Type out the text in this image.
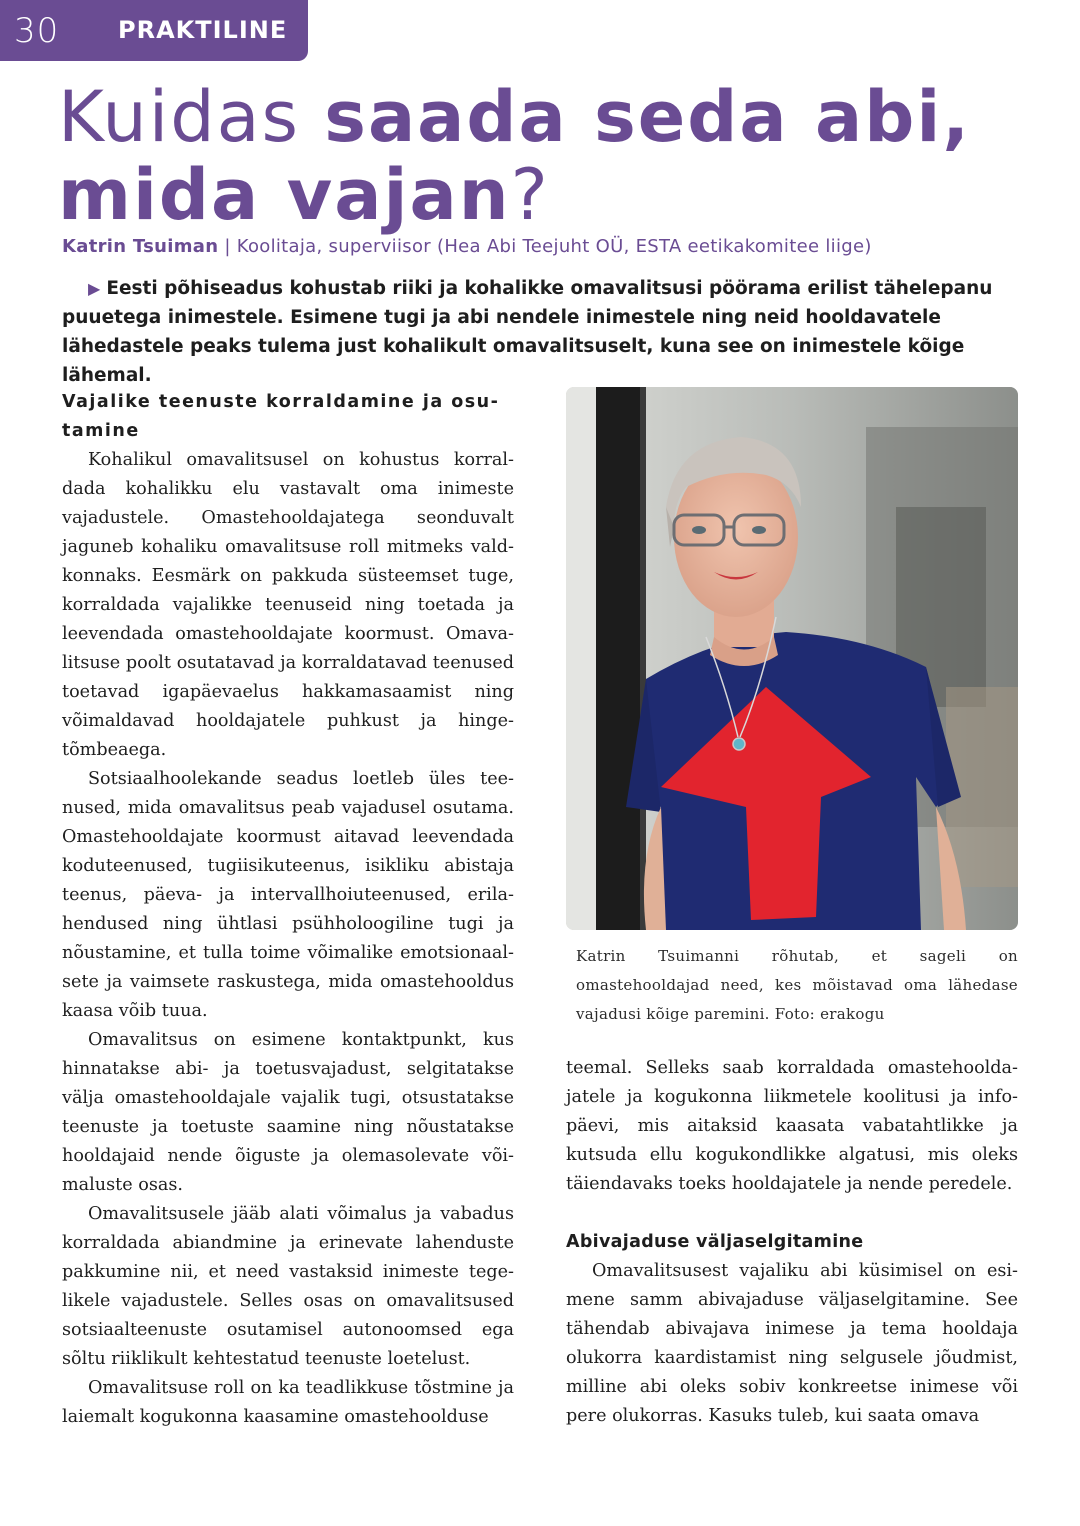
30 PRAKTILINE
Kuidas saada seda abi,
mida vajan?
Katrin Tsuiman | Koolitaja, superviisor (Hea Abi Teejuht OÜ, ESTA eetikakomitee liige)
▶ Eesti põhiseadus kohustab riiki ja kohalikke omavalitsusi pöörama erilist tähelepanu puuetega inimestele. Esimene tugi ja abi nendele inimestele ning neid hooldavatele lähedastele peaks tulema just kohalikult omavalitsuselt, kuna see on inimestele kõige lähemal.
Vajalike teenuste korraldamine ja osutamine

Kohalikul omavalitsusel on kohustus korraldada kohalikku elu vastavalt oma inimeste vajadustele. Omastehooldajatega seonduvalt jaguneb kohaliku omavalitsuse roll mitmeks valdkonnaks. Eesmärk on pakkuda süsteemset tuge, korraldada vajalikke teenuseid ning toetada ja leevendada omastehooldajate koormust. Omavalitsuse poolt osutatavad ja korraldatavad teenused toetavad igapäevaelus hakkamasaamist ning võimaldavad hooldajatele puhkust ja hingetõmbeaega.

Sotsiaalhoolekande seadus loetleb üles teenused, mida omavalitsus peab vajadusel osutama. Omastehooldajate koormust aitavad leevendada koduteenused, tugiisikuteenus, isikliku abistaja teenus, päeva- ja intervallhoiuteenused, erilahendused ning ühtlasi psühholoogiline tugi ja nõustamine, et tulla toime võimalike emotsionaalsete ja vaimsete raskustega, mida omastehooldus kaasa võib tuua.

Omavalitsus on esimene kontaktpunkt, kus hinnatakse abi- ja toetusvajadust, selgitatakse välja omastehooldajale vajalik tugi, otsustatakse teenuste ja toetuste saamine ning nõustatakse hooldajaid nende õiguste ja olemasolevate võimaluste osas.

Omavalitsusele jääb alati võimalus ja vabadus korraldada abiandmine ja erinevate lahenduste pakkumine nii, et need vastaksid inimeste tegelikele vajadustele. Selles osas on omavalitsused sotsiaalteenuste osutamisel autonoomsed ega sõltu riiklikult kehtestatud teenuste loetelust.

Omavalitsuse roll on ka teadlikkuse tõstmine ja laiemalt kogukonna kaasamine omastehoolduse

Katrin Tsuimanni rõhutab, et sageli on omastehooldajad need, kes mõistavad oma lähedase vajadusi kõige paremini. Foto: erakogu

teemal. Selleks saab korraldada omastehooldajatele ja kogukonna liikmetele koolitusi ja infopäevi, mis aitaksid kaasata vabatahtlikke ja kutsuda ellu kogukondlikke algatusi, mis oleks täiendavaks toeks hooldajatele ja nende peredele.

Abivajaduse väljaselgitamine

Omavalitsusest vajaliku abi küsimisel on esimene samm abivajaduse väljaselgitamine. See tähendab abivajava inimese ja tema hooldaja olukorra kaardistamist ning selgusele jõudmist, milline abi oleks sobiv konkreetse inimese või pere olukorras. Kasuks tuleb, kui saata omava
